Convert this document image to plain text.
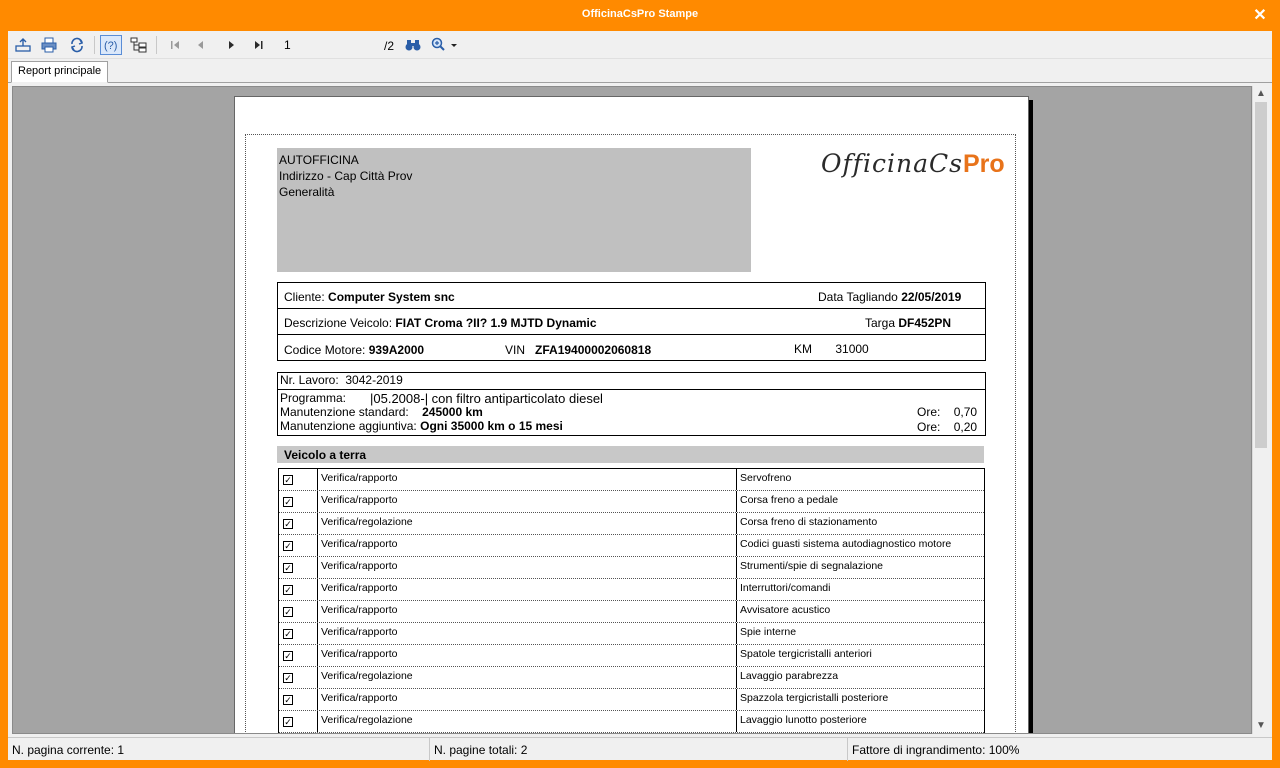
OfficinaCsPro Stampe	✕
(?)
1	/2
Report principale
AUTOFFICINA
Indirizzo - Cap Città Prov
Generalità
OfficinaCsPro
Cliente: Computer System snc	Data Tagliando 22/05/2019
Descrizione Veicolo: FIAT Croma ?II? 1.9 MJTD Dynamic	Targa DF452PN
Codice Motore: 939A2000	VIN ZFA19400002060818	KM 31000
Nr. Lavoro: 3042-2019
Programma: |05.2008-| con filtro antiparticolato diesel
Manutenzione standard: 245000 km	Ore: 0,70
Manutenzione aggiuntiva: Ogni 35000 km o 15 mesi	Ore: 0,20
Veicolo a terra
✓	Verifica/rapporto	Servofreno
✓	Verifica/rapporto	Corsa freno a pedale
✓	Verifica/regolazione	Corsa freno di stazionamento
✓	Verifica/rapporto	Codici guasti sistema autodiagnostico motore
✓	Verifica/rapporto	Strumenti/spie di segnalazione
✓	Verifica/rapporto	Interruttori/comandi
✓	Verifica/rapporto	Avvisatore acustico
✓	Verifica/rapporto	Spie interne
✓	Verifica/rapporto	Spatole tergicristalli anteriori
✓	Verifica/regolazione	Lavaggio parabrezza
✓	Verifica/rapporto	Spazzola tergicristalli posteriore
✓	Verifica/regolazione	Lavaggio lunotto posteriore
▲
▼
N. pagina corrente: 1	N. pagine totali: 2	Fattore di ingrandimento: 100%
